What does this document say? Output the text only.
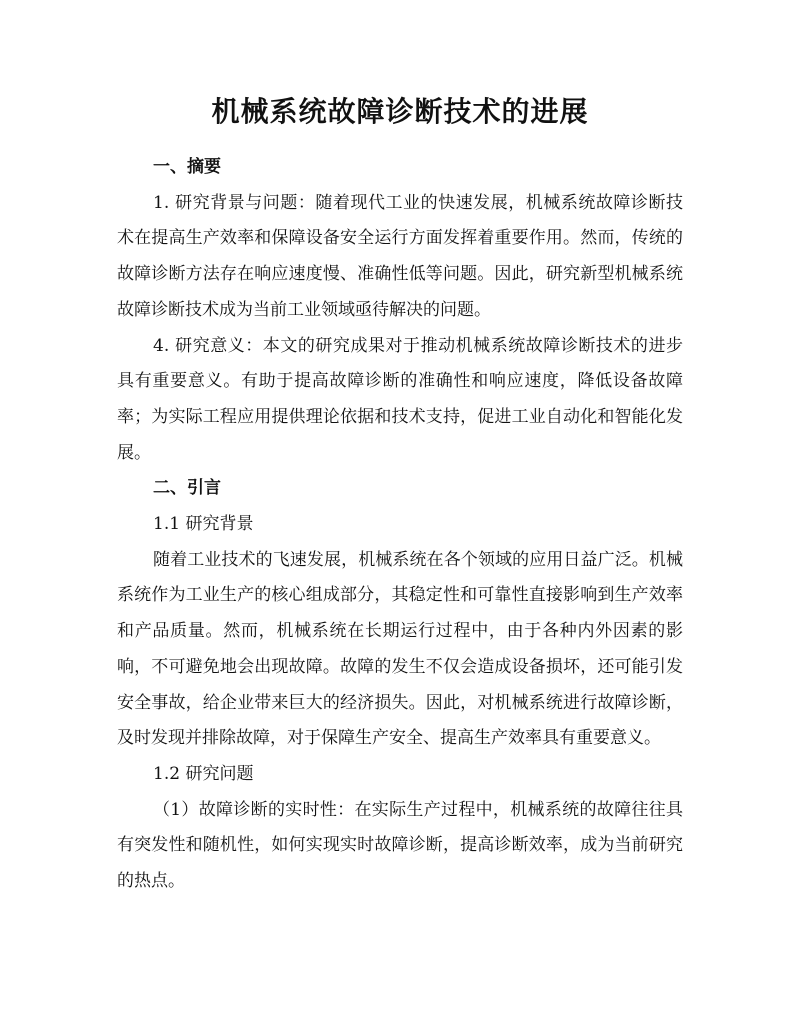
机械系统故障诊断技术的进展

一、摘要

1. 研究背景与问题：随着现代工业的快速发展，机械系统故障诊断技术在提高生产效率和保障设备安全运行方面发挥着重要作用。然而，传统的故障诊断方法存在响应速度慢、准确性低等问题。因此，研究新型机械系统故障诊断技术成为当前工业领域亟待解决的问题。

4. 研究意义：本文的研究成果对于推动机械系统故障诊断技术的进步具有重要意义。有助于提高故障诊断的准确性和响应速度，降低设备故障率；为实际工程应用提供理论依据和技术支持，促进工业自动化和智能化发展。

二、引言

1.1 研究背景

随着工业技术的飞速发展，机械系统在各个领域的应用日益广泛。机械系统作为工业生产的核心组成部分，其稳定性和可靠性直接影响到生产效率和产品质量。然而，机械系统在长期运行过程中，由于各种内外因素的影响，不可避免地会出现故障。故障的发生不仅会造成设备损坏，还可能引发安全事故，给企业带来巨大的经济损失。因此，对机械系统进行故障诊断，及时发现并排除故障，对于保障生产安全、提高生产效率具有重要意义。

1.2 研究问题

（1）故障诊断的实时性：在实际生产过程中，机械系统的故障往往具有突发性和随机性，如何实现实时故障诊断，提高诊断效率，成为当前研究的热点。
